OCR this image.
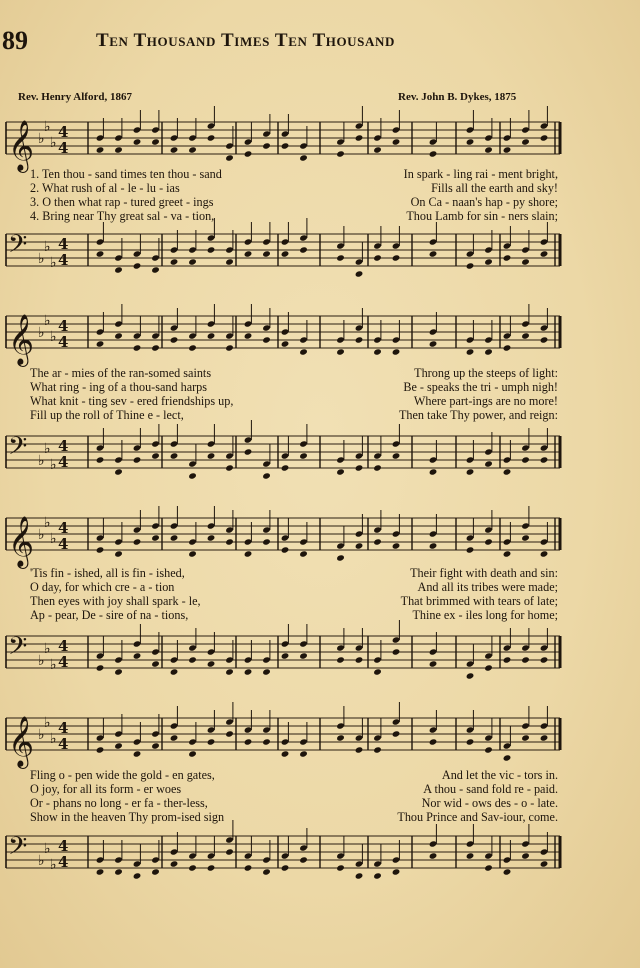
89	Ten Thousand Times Ten Thousand
Rev. Henry Alford, 1867	Rev. John B. Dykes, 1875
𝄞 ♭
♭
♭
4
4
1. Ten thou - sand times ten thou - sand	In spark - ling rai - ment bright,
2. What rush of al - le - lu - ias	Fills all the earth and sky!
3. O then what rap - tured greet - ings	On Ca - naan's hap - py shore;
4. Bring near Thy great sal - va - tion,	Thou Lamb for sin - ners slain;
𝄢 ♭
♭
♭
4
4
𝄞 ♭
♭
♭
4
4
The ar - mies of the ran-somed saints	Throng up the steeps of light:
What ring - ing of a thou-sand harps	Be - speaks the tri - umph nigh!
What knit - ting sev - ered friendships up,	Where part-ings are no more!
Fill up the roll of Thine e - lect,	Then take Thy power, and reign:
𝄢 ♭
♭
♭
4
4
𝄞 ♭
♭
♭
4
4
'Tis fin - ished, all is fin - ished,	Their fight with death and sin:
O day, for which cre - a - tion	And all its tribes were made;
Then eyes with joy shall spark - le,	That brimmed with tears of late;
Ap - pear, De - sire of na - tions,	Thine ex - iles long for home;
𝄢 ♭
♭
♭
4
4
𝄞 ♭
♭
♭
4
4
Fling o - pen wide the gold - en gates,	And let the vic - tors in.
O joy, for all its form - er woes	A thou - sand fold re - paid.
Or - phans no long - er fa - ther-less,	Nor wid - ows des - o - late.
Show in the heaven Thy prom-ised sign	Thou Prince and Sav-iour, come.
𝄢 ♭
♭
♭
4
4
